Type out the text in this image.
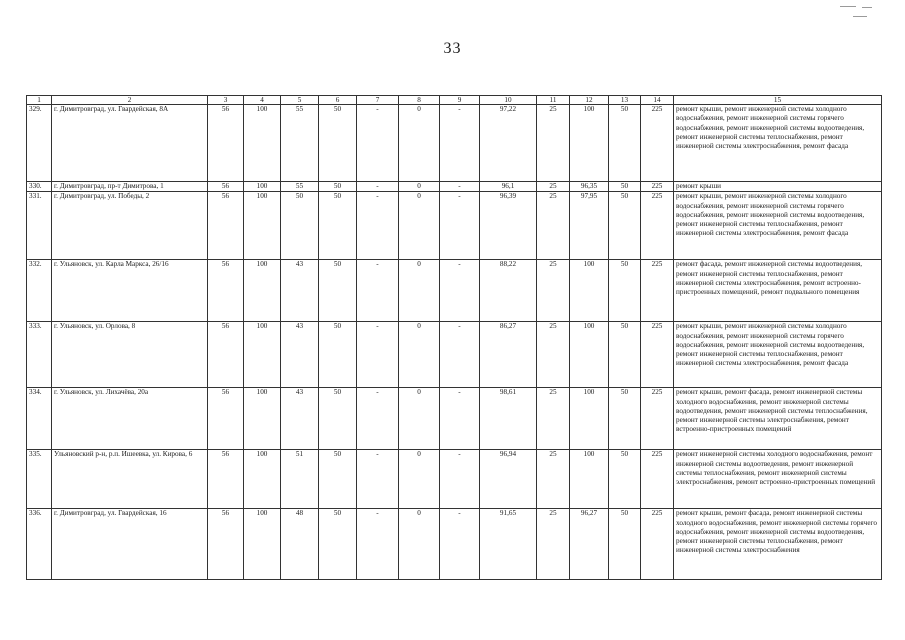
33
1	2	3	4	5	6	7	8	9	10	11	12	13	14	15
329.	г. Димитровград, ул. Гвардейская, 8А	56	100	55	50	-	0	-	97,22	25	100	50	225	ремонт крыши, ремонт инженерной системы холодного водоснабжения, ремонт инженерной системы горячего водоснабжения, ремонт инженерной системы водоотведения, ремонт инженерной системы теплоснабжения, ремонт инженерной системы электроснабжения, ремонт фасада
330.	г. Димитровград, пр-т Димитрова, 1	56	100	55	50	-	0	-	96,1	25	96,35	50	225	ремонт крыши
331.	г. Димитровград, ул. Победы, 2	56	100	50	50	-	0	-	96,39	25	97,95	50	225	ремонт крыши, ремонт инженерной системы холодного водоснабжения, ремонт инженерной системы горячего водоснабжения, ремонт инженерной системы водоотведения, ремонт инженерной системы теплоснабжения, ремонт инженерной системы электроснабжения, ремонт фасада
332.	г. Ульяновск, ул. Карла Маркса, 26/16	56	100	43	50	-	0	-	88,22	25	100	50	225	ремонт фасада, ремонт инженерной системы водоотведения, ремонт инженерной системы теплоснабжения, ремонт инженерной системы электроснабжения, ремонт встроенно-пристроенных помещений, ремонт подвального помещения
333.	г. Ульяновск, ул. Орлова, 8	56	100	43	50	-	0	-	86,27	25	100	50	225	ремонт крыши, ремонт инженерной системы холодного водоснабжения, ремонт инженерной системы горячего водоснабжения, ремонт инженерной системы водоотведения, ремонт инженерной системы теплоснабжения, ремонт инженерной системы электроснабжения, ремонт фасада
334.	г. Ульяновск, ул. Лихачёва, 20а	56	100	43	50	-	0	-	98,61	25	100	50	225	ремонт крыши, ремонт фасада, ремонт инженерной системы холодного водоснабжения, ремонт инженерной системы водоотведения, ремонт инженерной системы теплоснабжения, ремонт инженерной системы электроснабжения, ремонт встроенно-пристроенных помещений
335.	Ульяновский р-н, р.п. Ишеевка, ул. Кирова, 6	56	100	51	50	-	0	-	96,94	25	100	50	225	ремонт инженерной системы холодного водоснабжения, ремонт инженерной системы водоотведения, ремонт инженерной системы теплоснабжения, ремонт инженерной системы электроснабжения, ремонт встроенно-пристроенных помещений
336.	г. Димитровград, ул. Гвардейская, 16	56	100	48	50	-	0	-	91,65	25	96,27	50	225	ремонт крыши, ремонт фасада, ремонт инженерной системы холодного водоснабжения, ремонт инженерной системы горячего водоснабжения, ремонт инженерной системы водоотведения, ремонт инженерной системы теплоснабжения, ремонт инженерной системы электроснабжения
